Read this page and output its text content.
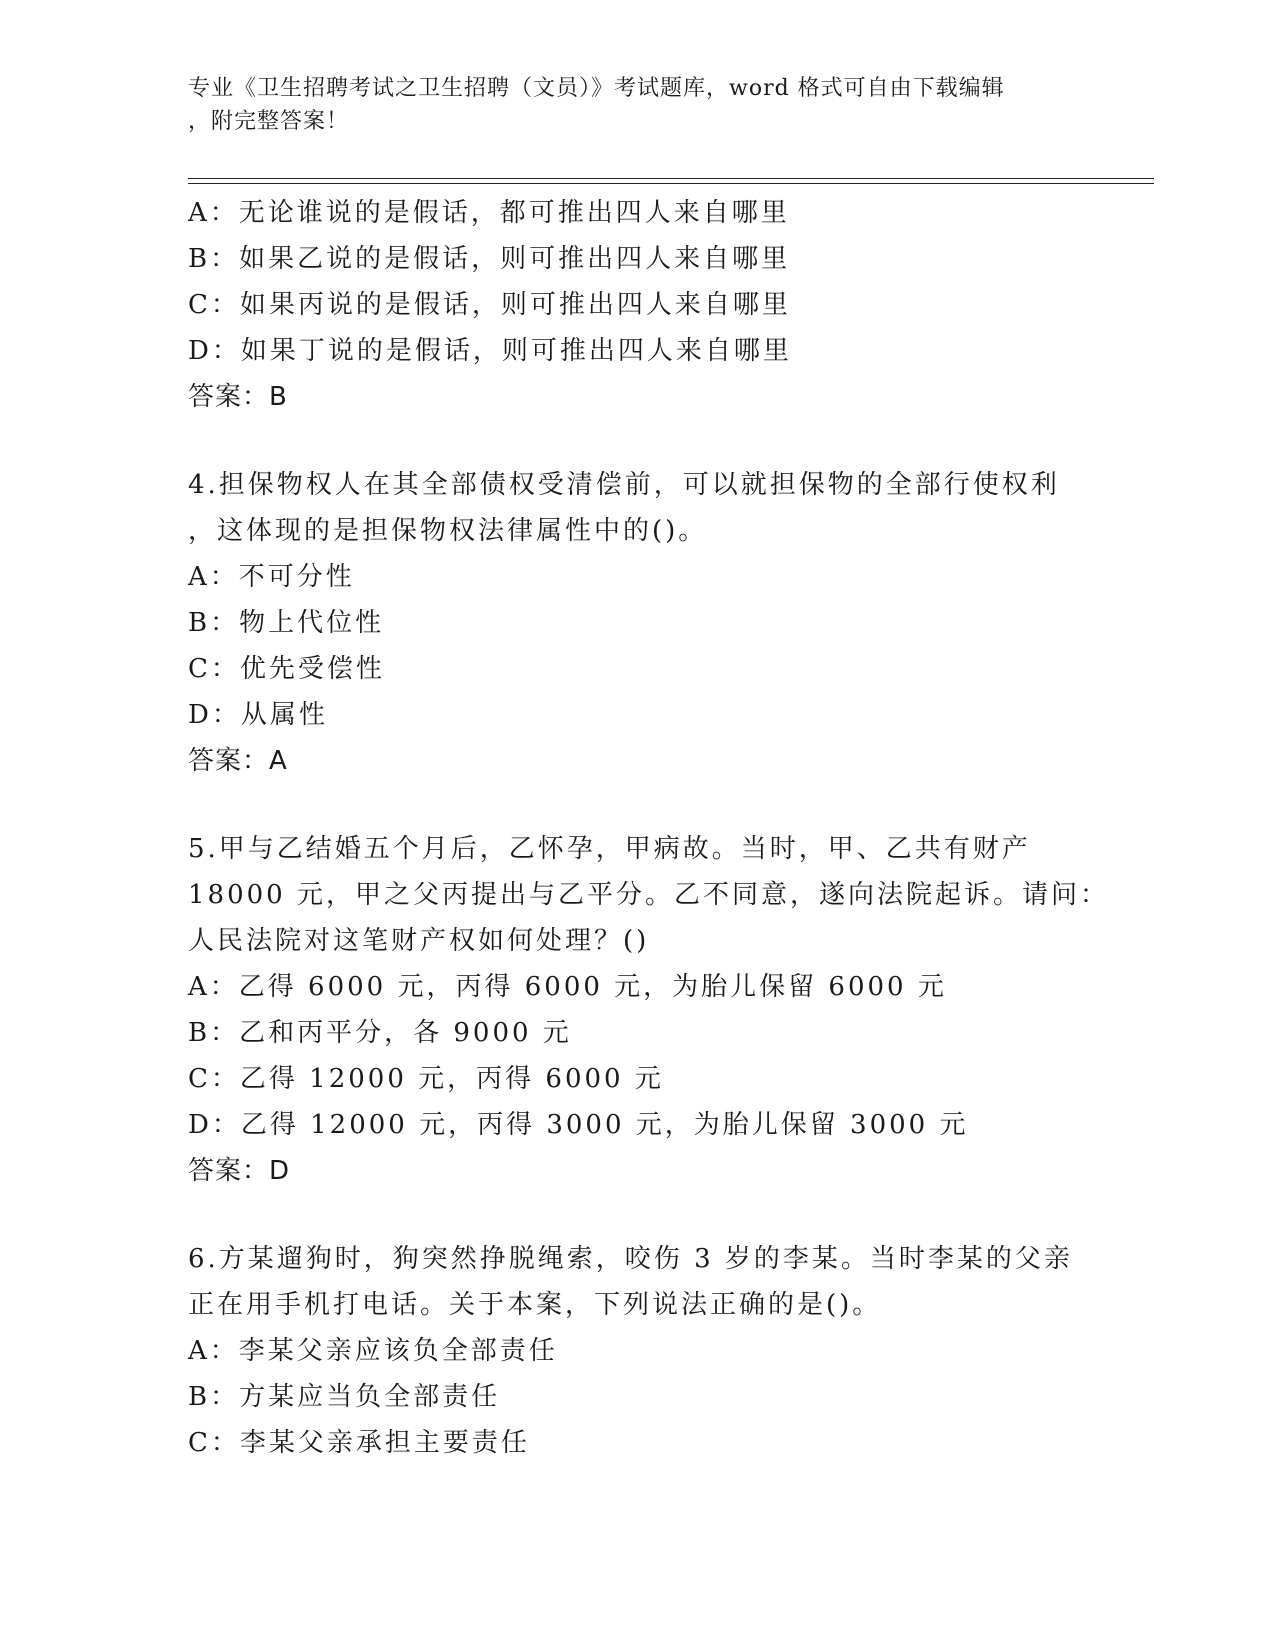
专业《卫生招聘考试之卫生招聘（文员）》考试题库，word 格式可自由下载编辑
，附完整答案！
A：无论谁说的是假话，都可推出四人来自哪里
B：如果乙说的是假话，则可推出四人来自哪里
C：如果丙说的是假话，则可推出四人来自哪里
D：如果丁说的是假话，则可推出四人来自哪里
答案：B
4.担保物权人在其全部债权受清偿前，可以就担保物的全部行使权利
，这体现的是担保物权法律属性中的()。
A：不可分性
B：物上代位性
C：优先受偿性
D：从属性
答案：A
5.甲与乙结婚五个月后，乙怀孕，甲病故。当时，甲、乙共有财产
18000 元，甲之父丙提出与乙平分。乙不同意，遂向法院起诉。请问：
人民法院对这笔财产权如何处理？()
A：乙得 6000 元，丙得 6000 元，为胎儿保留 6000 元
B：乙和丙平分，各 9000 元
C：乙得 12000 元，丙得 6000 元
D：乙得 12000 元，丙得 3000 元，为胎儿保留 3000 元
答案：D
6.方某遛狗时，狗突然挣脱绳索，咬伤 3 岁的李某。当时李某的父亲
正在用手机打电话。关于本案，下列说法正确的是()。
A：李某父亲应该负全部责任
B：方某应当负全部责任
C：李某父亲承担主要责任
